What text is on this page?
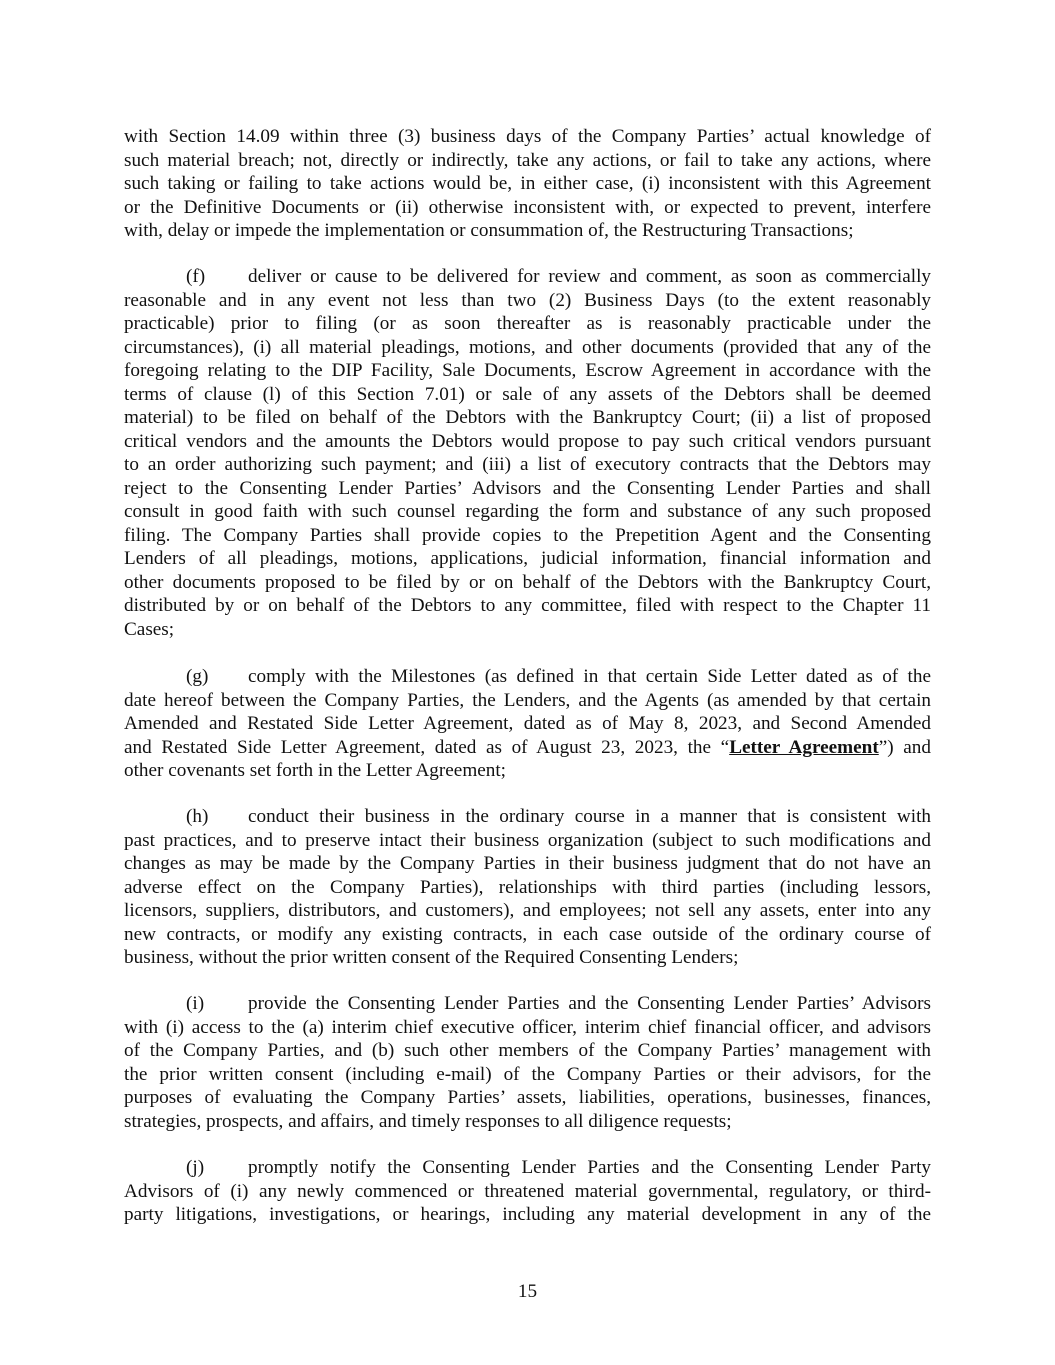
with Section 14.09 within three (3) business days of the Company Parties’ actual knowledge of
such material breach; not, directly or indirectly, take any actions, or fail to take any actions, where
such taking or failing to take actions would be, in either case, (i) inconsistent with this Agreement
or the Definitive Documents or (ii) otherwise inconsistent with, or expected to prevent, interfere
with, delay or impede the implementation or consummation of, the Restructuring Transactions;
(f) deliver or cause to be delivered for review and comment, as soon as commercially
reasonable and in any event not less than two (2) Business Days (to the extent reasonably
practicable) prior to filing (or as soon thereafter as is reasonably practicable under the
circumstances), (i) all material pleadings, motions, and other documents (provided that any of the
foregoing relating to the DIP Facility, Sale Documents, Escrow Agreement in accordance with the
terms of clause (l) of this Section 7.01) or sale of any assets of the Debtors shall be deemed
material) to be filed on behalf of the Debtors with the Bankruptcy Court; (ii) a list of proposed
critical vendors and the amounts the Debtors would propose to pay such critical vendors pursuant
to an order authorizing such payment; and (iii) a list of executory contracts that the Debtors may
reject to the Consenting Lender Parties’ Advisors and the Consenting Lender Parties and shall
consult in good faith with such counsel regarding the form and substance of any such proposed
filing. The Company Parties shall provide copies to the Prepetition Agent and the Consenting
Lenders of all pleadings, motions, applications, judicial information, financial information and
other documents proposed to be filed by or on behalf of the Debtors with the Bankruptcy Court,
distributed by or on behalf of the Debtors to any committee, filed with respect to the Chapter 11
Cases;
(g) comply with the Milestones (as defined in that certain Side Letter dated as of the
date hereof between the Company Parties, the Lenders, and the Agents (as amended by that certain
Amended and Restated Side Letter Agreement, dated as of May 8, 2023, and Second Amended
and Restated Side Letter Agreement, dated as of August 23, 2023, the “Letter Agreement”) and
other covenants set forth in the Letter Agreement;
(h) conduct their business in the ordinary course in a manner that is consistent with
past practices, and to preserve intact their business organization (subject to such modifications and
changes as may be made by the Company Parties in their business judgment that do not have an
adverse effect on the Company Parties), relationships with third parties (including lessors,
licensors, suppliers, distributors, and customers), and employees; not sell any assets, enter into any
new contracts, or modify any existing contracts, in each case outside of the ordinary course of
business, without the prior written consent of the Required Consenting Lenders;
(i) provide the Consenting Lender Parties and the Consenting Lender Parties’ Advisors
with (i) access to the (a) interim chief executive officer, interim chief financial officer, and advisors
of the Company Parties, and (b) such other members of the Company Parties’ management with
the prior written consent (including e-mail) of the Company Parties or their advisors, for the
purposes of evaluating the Company Parties’ assets, liabilities, operations, businesses, finances,
strategies, prospects, and affairs, and timely responses to all diligence requests;
(j) promptly notify the Consenting Lender Parties and the Consenting Lender Party
Advisors of (i) any newly commenced or threatened material governmental, regulatory, or third-
party litigations, investigations, or hearings, including any material development in any of the
15
